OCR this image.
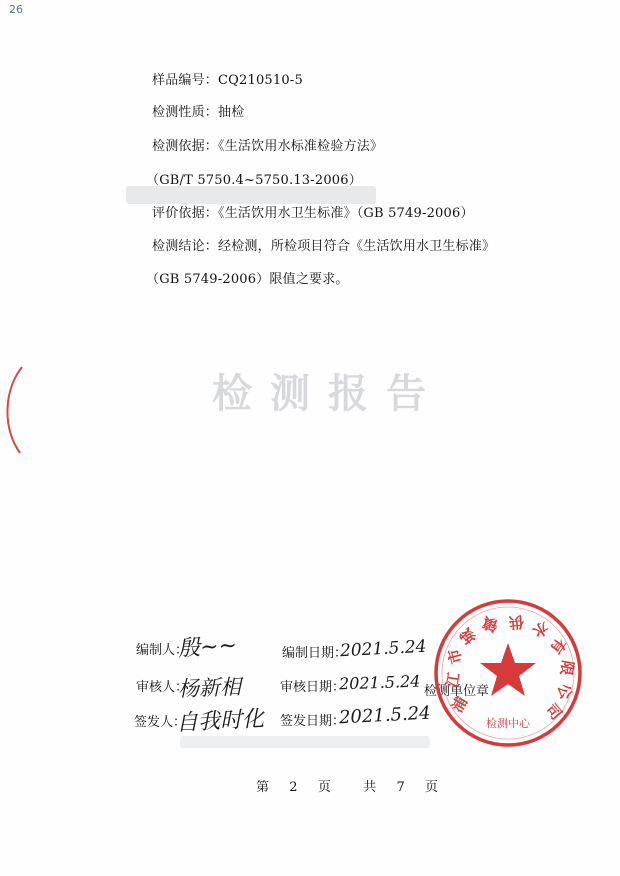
26
检测报告
样品编号：CQ210510-5
检测性质：抽检
检测依据：《生活饮用水标准检验方法》
（GB/T 5750.4~5750.13-2006）
评价依据：《生活饮用水卫生标准》（GB 5749-2006）
检测结论：经检测，所检项目符合《生活饮用水卫生标准》
（GB 5749-2006）限值之要求。
编制人：
殷~~	编制日期：
2021.5.24
审核人：
杨新相	审核日期：
2021.5.24 检测单位章
签发人：
自我时化 签发日期：
2021.5.24 浦
江
市
城
镇 供 水
有
限
公
司
检测中心
第 2 页 共 7 页
